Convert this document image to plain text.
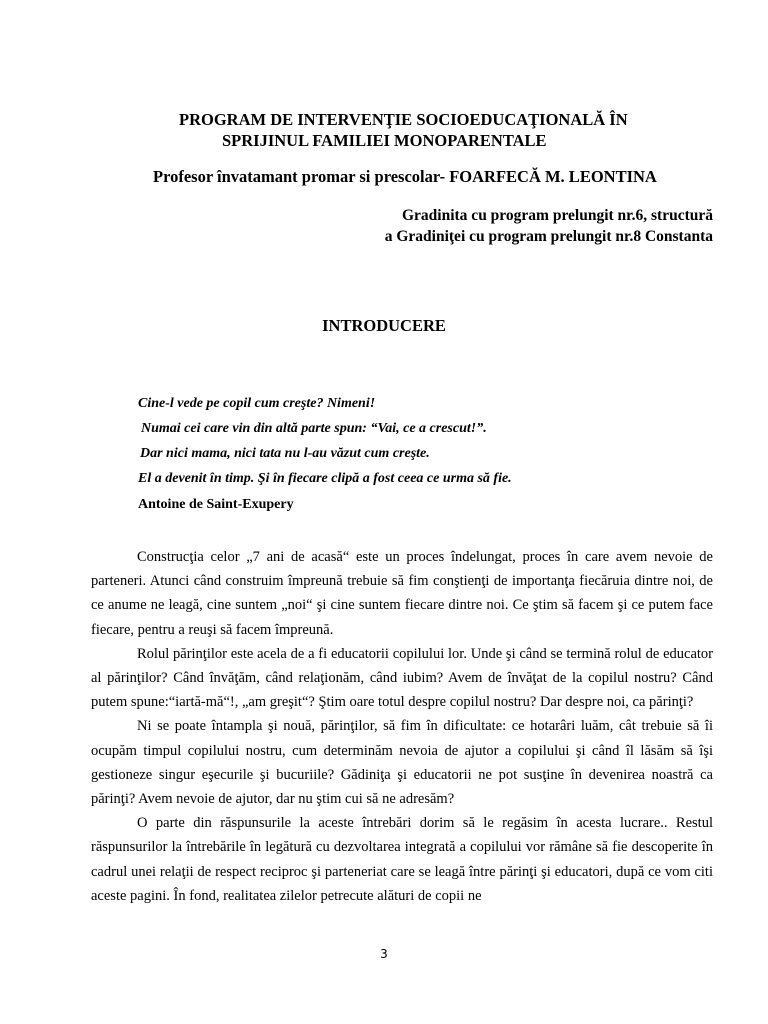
PROGRAM DE INTERVENŢIE SOCIOEDUCAŢIONALĂ ÎN
SPRIJINUL FAMILIEI MONOPARENTALE
Profesor învatamant promar si prescolar- FOARFECĂ M. LEONTINA
Gradinita cu program prelungit nr.6, structură
a Gradiniţei cu program prelungit nr.8 Constanta
INTRODUCERE
Cine-l vede pe copil cum creşte? Nimeni!
Numai cei care vin din altă parte spun: “Vai, ce a crescut!”.
Dar nici mama, nici tata nu l-au văzut cum creşte.
El a devenit în timp. Şi în fiecare clipă a fost ceea ce urma să fie.
Antoine de Saint-Exupery

Construcţia celor „7 ani de acasă“ este un proces îndelungat, proces în care avem nevoie de parteneri. Atunci când construim împreună trebuie să fim conştienţi de importanţa fiecăruia dintre noi, de ce anume ne leagă, cine suntem „noi“ şi cine suntem fiecare dintre noi. Ce ştim să facem şi ce putem face fiecare, pentru a reuşi să facem împreună.

Rolul părinţilor este acela de a fi educatorii copilului lor. Unde şi când se termină rolul de educator al părinţilor? Când învăţăm, când relaţionăm, când iubim? Avem de învăţat de la copilul nostru? Când putem spune:“iartă-mă“!, „am greşit“? Ştim oare totul despre copilul nostru? Dar despre noi, ca părinţi?

Ni se poate întampla şi nouă, părinţilor, să fim în dificultate: ce hotarâri luăm, cât trebuie să îi ocupăm timpul copilului nostru, cum determinăm nevoia de ajutor a copilului şi când îl lăsăm să îşi gestioneze singur eşecurile şi bucuriile? Gădiniţa şi educatorii ne pot susţine în devenirea noastră ca părinţi? Avem nevoie de ajutor, dar nu ştim cui să ne adresăm?

O parte din răspunsurile la aceste întrebări dorim să le regăsim în acesta lucrare.. Restul răspunsurilor la întrebările în legătură cu dezvoltarea integrată a copilului vor rămâne să fie descoperite în cadrul unei relaţii de respect reciproc şi parteneriat care se leagă între părinţi şi educatori, după ce vom citi aceste pagini. În fond, realitatea zilelor petrecute alături de copii ne

3
